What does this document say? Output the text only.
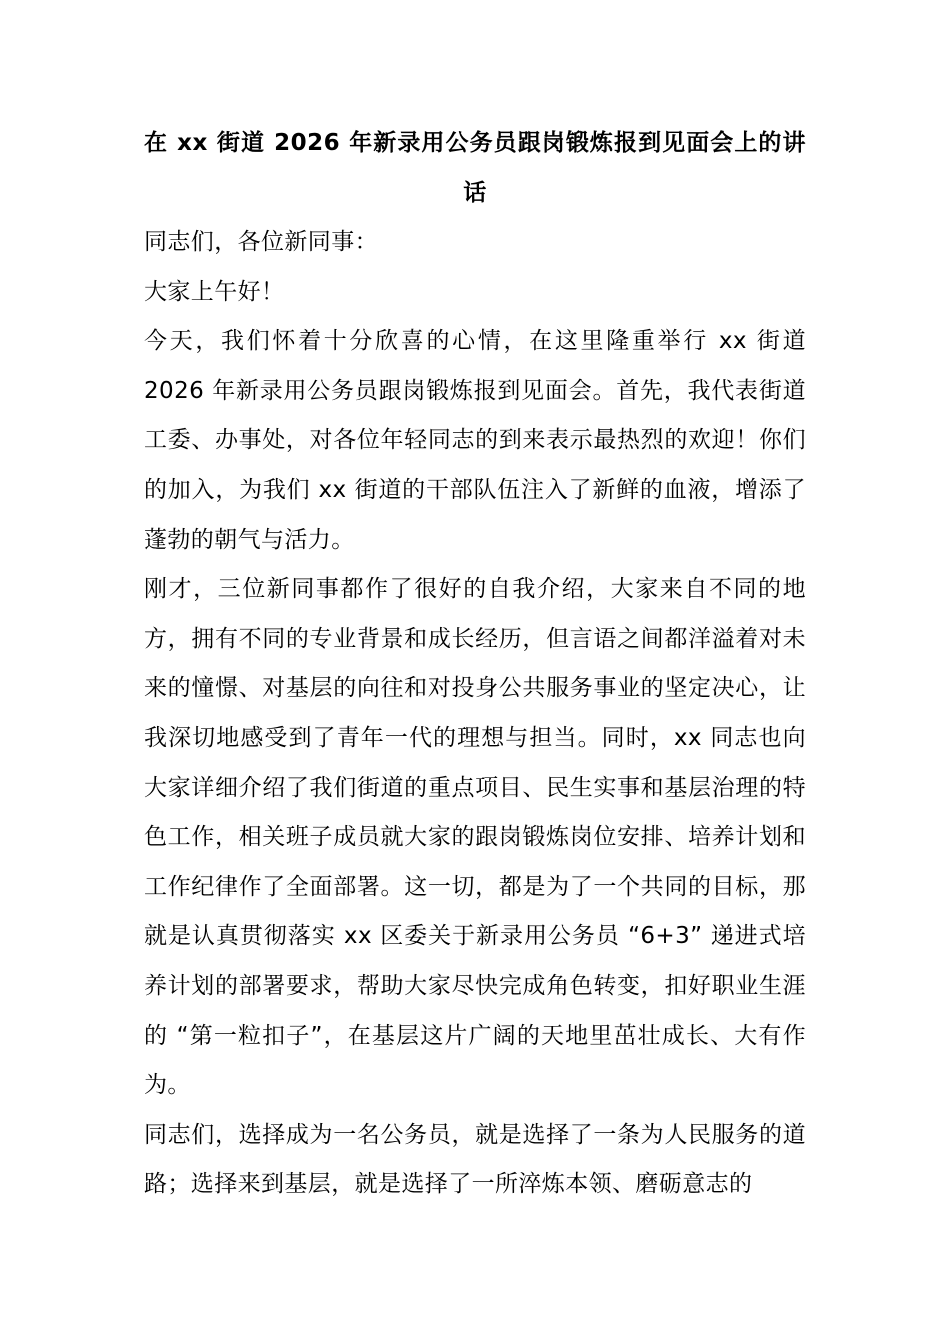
在 xx 街道 2026 年新录用公务员跟岗锻炼报到见面会上的讲话

同志们，各位新同事：

大家上午好！

今天，我们怀着十分欣喜的心情，在这里隆重举行 xx 街道 2026 年新录用公务员跟岗锻炼报到见面会。首先，我代表街道工委、办事处，对各位年轻同志的到来表示最热烈的欢迎！你们的加入，为我们 xx 街道的干部队伍注入了新鲜的血液，增添了蓬勃的朝气与活力。

刚才，三位新同事都作了很好的自我介绍，大家来自不同的地方，拥有不同的专业背景和成长经历，但言语之间都洋溢着对未来的憧憬、对基层的向往和对投身公共服务事业的坚定决心，让我深切地感受到了青年一代的理想与担当。同时，xx 同志也向大家详细介绍了我们街道的重点项目、民生实事和基层治理的特色工作，相关班子成员就大家的跟岗锻炼岗位安排、培养计划和工作纪律作了全面部署。这一切，都是为了一个共同的目标，那就是认真贯彻落实 xx 区委关于新录用公务员 “6+3” 递进式培养计划的部署要求，帮助大家尽快完成角色转变，扣好职业生涯的 “第一粒扣子”，在基层这片广阔的天地里茁壮成长、大有作为。

同志们，选择成为一名公务员，就是选择了一条为人民服务的道路；选择来到基层，就是选择了一所淬炼本领、磨砺意志的
